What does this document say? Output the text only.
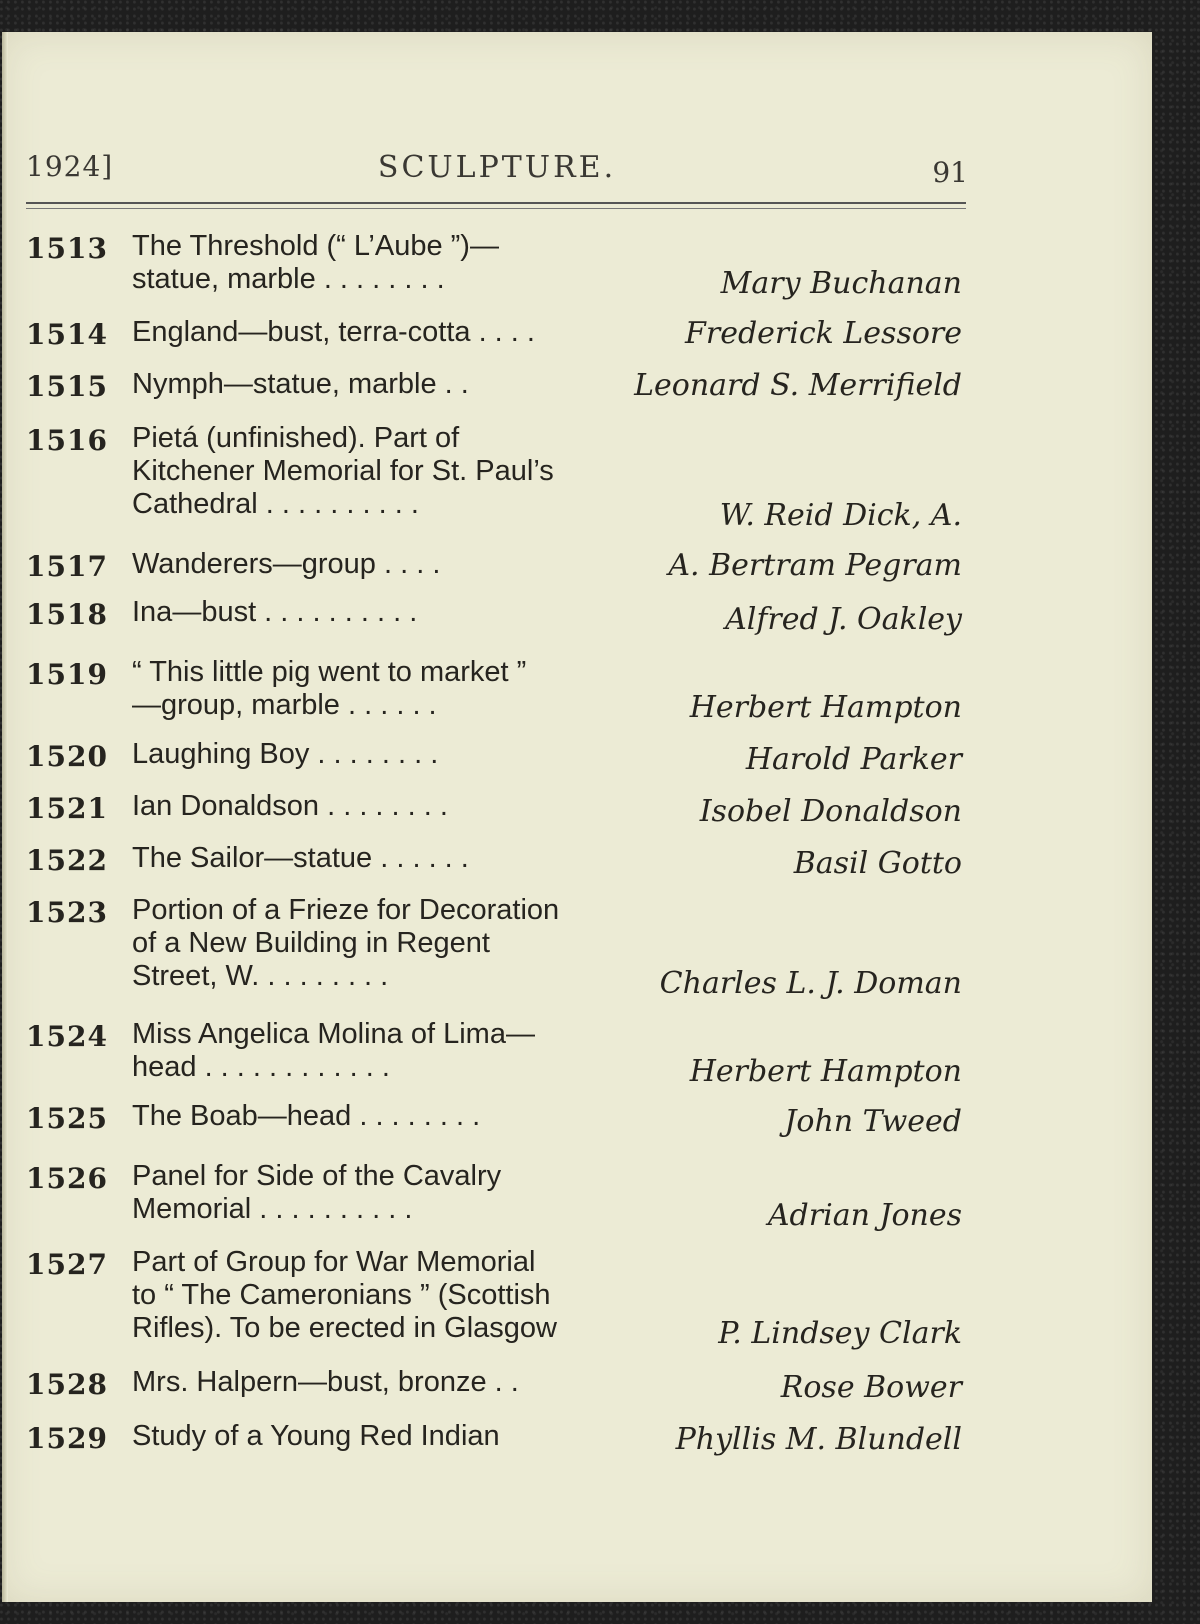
1924]	SCULPTURE.	91
1513 The Threshold (“ L’Aube ”)—
statue, marble . . . . . . . .	Mary Buchanan
1514 England—bust, terra-cotta . . . .	Frederick Lessore
1515 Nymph—statue, marble . .	Leonard S. Merrifield
1516 Pietá (unfinished). Part of
Kitchener Memorial for St. Paul’s
Cathedral . . . . . . . . . .	W. Reid Dick, A.
1517 Wanderers—group . . . .	A. Bertram Pegram
1518 Ina—bust . . . . . . . . . .	Alfred J. Oakley
1519 “ This little pig went to market ”
—group, marble . . . . . .	Herbert Hampton
1520 Laughing Boy . . . . . . . .	Harold Parker
1521 Ian Donaldson . . . . . . . .	Isobel Donaldson
1522 The Sailor—statue . . . . . .	Basil Gotto
1523 Portion of a Frieze for Decoration
of a New Building in Regent
Street, W. . . . . . . . .	Charles L. J. Doman
1524 Miss Angelica Molina of Lima—
head . . . . . . . . . . . .	Herbert Hampton
1525 The Boab—head . . . . . . . .	John Tweed
1526 Panel for Side of the Cavalry
Memorial . . . . . . . . . .	Adrian Jones
1527 Part of Group for War Memorial
to “ The Cameronians ” (Scottish
Rifles). To be erected in Glasgow	P. Lindsey Clark
1528 Mrs. Halpern—bust, bronze . .	Rose Bower
1529 Study of a Young Red Indian	Phyllis M. Blundell
